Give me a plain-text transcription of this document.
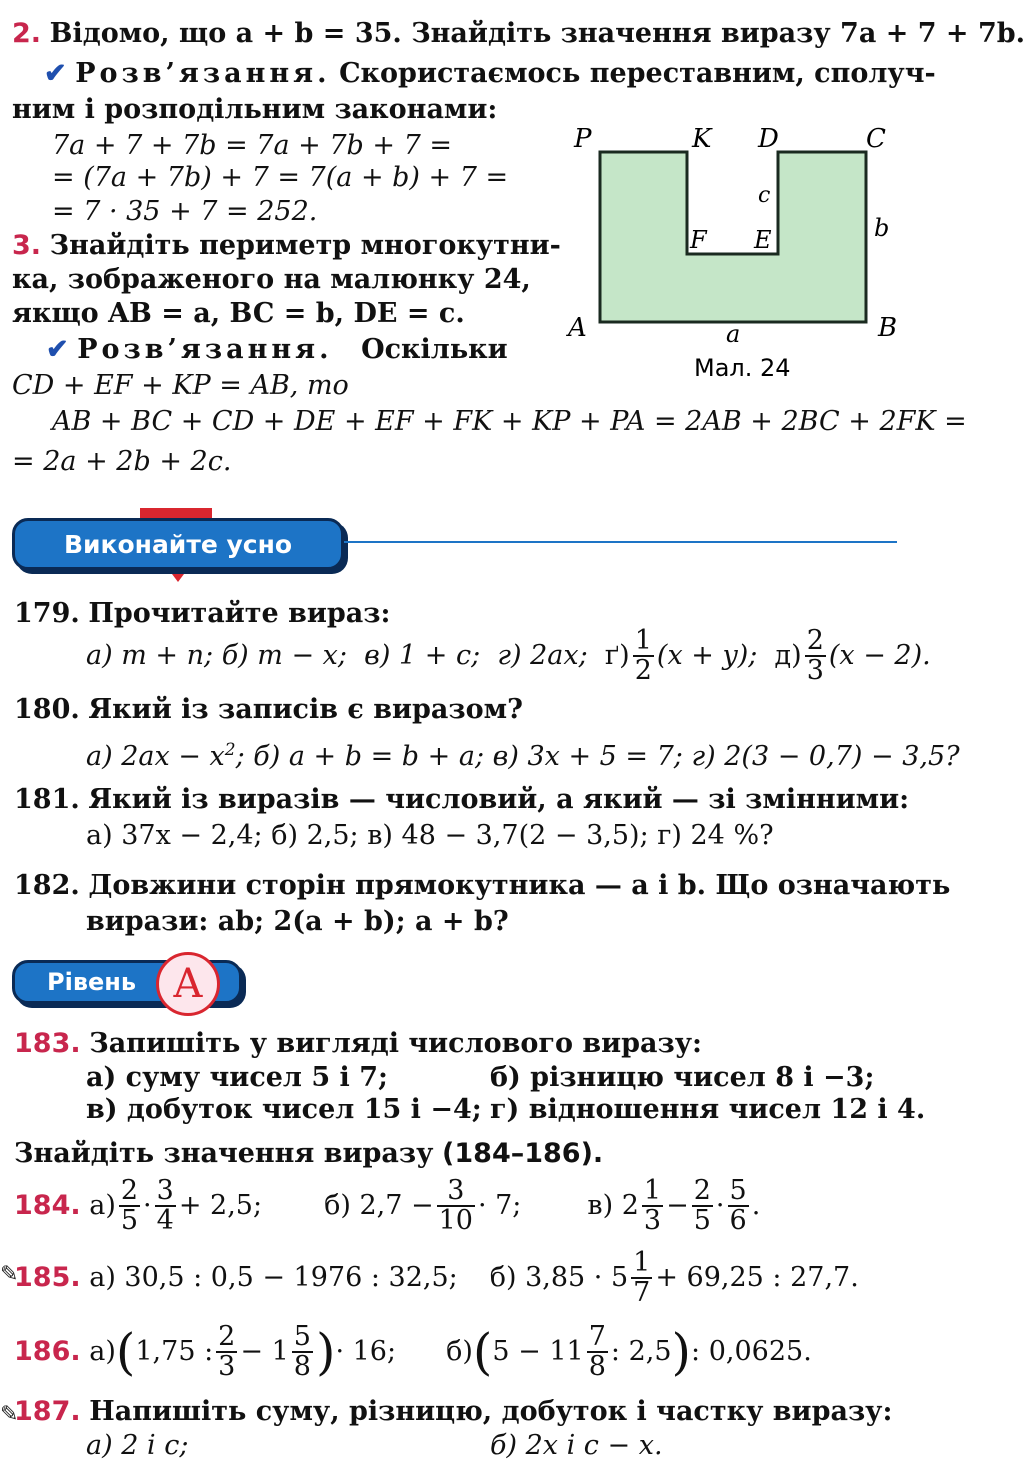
2. Відомо, що a + b = 35. Знайдіть значення виразу 7a + 7 + 7b.
✔ Розв’язання. Скористаємось переставним, сполуч-
ним і розподільним законами:
7a + 7 + 7b = 7a + 7b + 7 =
= (7a + 7b) + 7 = 7(a + b) + 7 =
= 7 · 35 + 7 = 252.
3. Знайдіть периметр многокутни-
ка, зображеного на малюнку 24,
якщо AB = a, BC = b, DE = c.
✔ Розв’язання. Оскільки
CD + EF + KP = AB, то
AB + BC + CD + DE + EF + FK + KP + PA = 2AB + 2BC + 2FK =
= 2a + 2b + 2c.
P	K D	C
F E
c
b
A	B
a
Мал. 24
Виконайте усно
179. Прочитайте вираз:
а) m + n;
б) m − x;
в) 1 + c;
г) 2ax;
ґ) 1
2 (x + y);
д) 2
3 (x − 2).
180. Який із записів є виразом?
а) $2ax - x^2$; б) a + b = b + a; в) 3x + 5 = 7; г) 2(3 − 0,7) − 3,5?
181. Який із виразів — числовий, а який — зі змінними:
а) 37x − 2,4; б) 2,5; в) 48 − 3,7(2 − 3,5); г) 24 %?
182. Довжини сторін прямокутника — a і b. Що означають
вирази: ab; 2(a + b); a + b?
Рівень A
183. Запишіть у вигляді числового виразу:
а) суму чисел 5 і 7;	б) різницю чисел 8 і −3;
в) добуток чисел 15 і −4; г) відношення чисел 12 і 4.
Знайдіть значення виразу (184–186).
184.
а) 2
5 · 3
4 + 2,5; б) $2,7 - \frac{3}{10} \cdot 7$; в) 2 1
$3 - \frac{2}{5} \cdot 5$
6 .
✎
185.
а) 30,5 : 0,5 − 1976 : 32,5; б) 3,85 · 5 1
7 + 69,25 : 27,7.
186.
а) ( 1,75 : 2
3 − 1 5
8 ) · 16; б) ( 5 − 11 7
8 : 2,5 ) : 0,0625.
✎
187. Напишіть суму, різницю, добуток і частку виразу:
а) 2 і c;	б) 2x і c − x.
